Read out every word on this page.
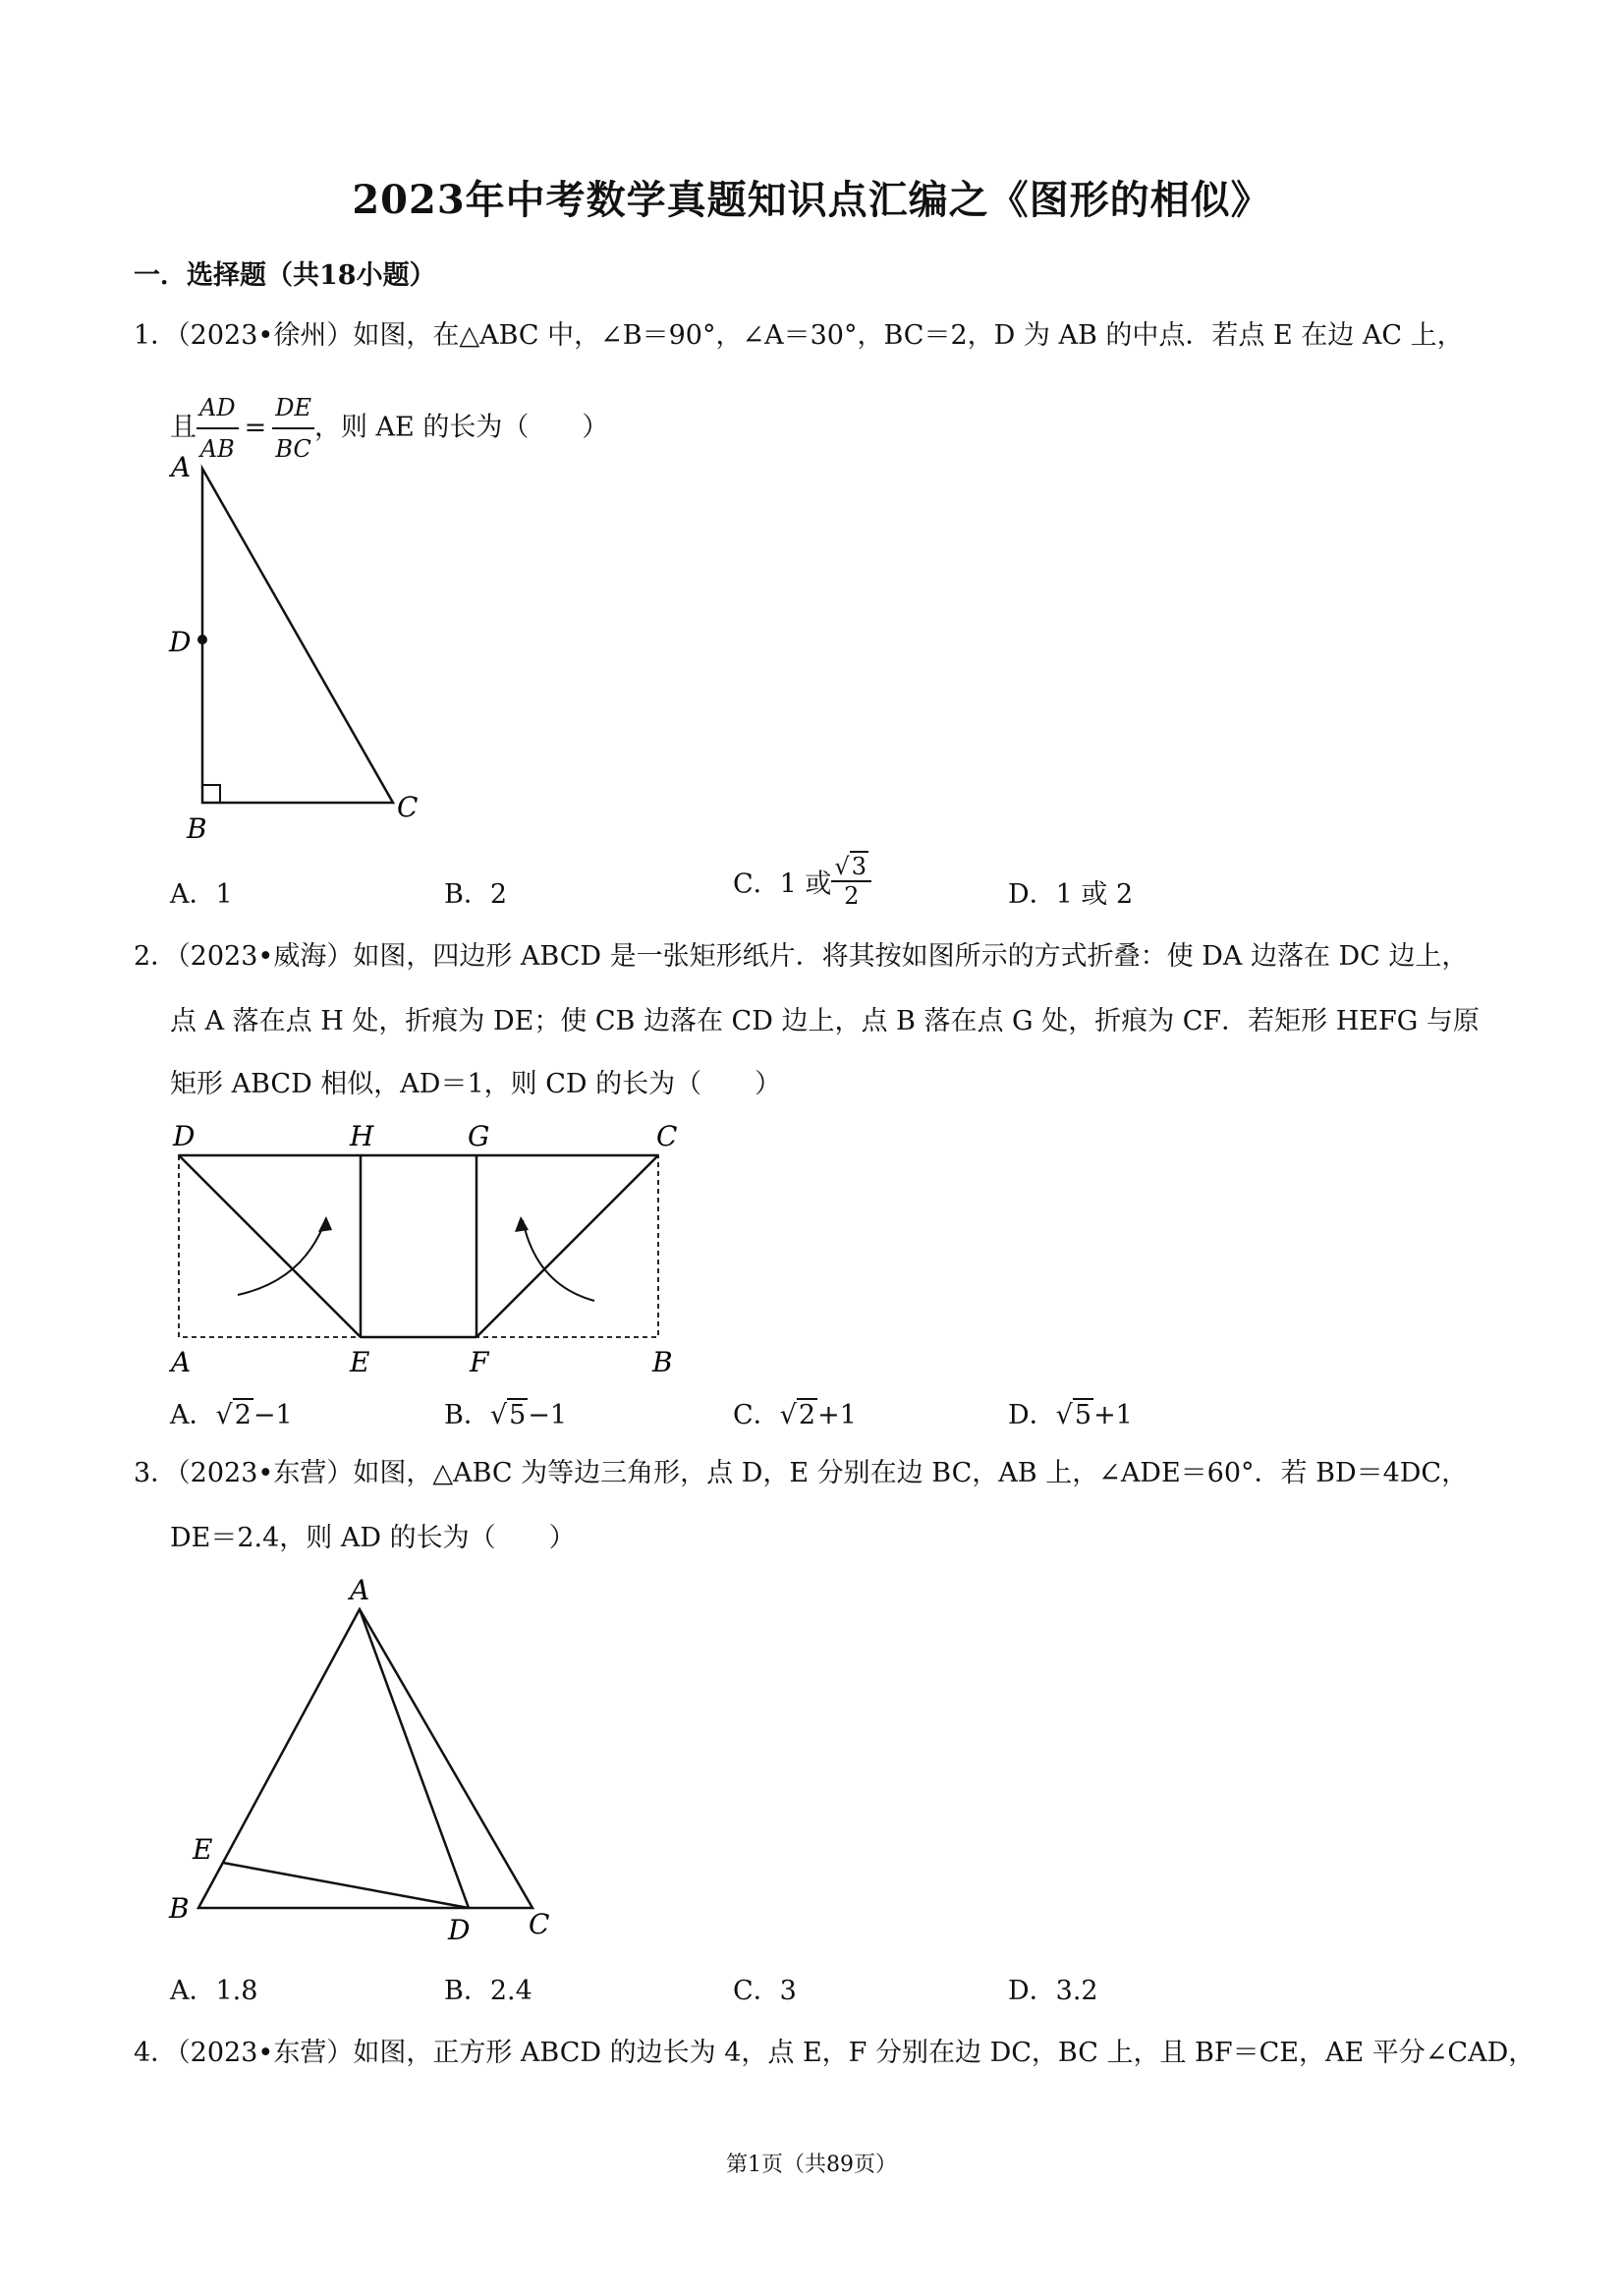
2023年中考数学真题知识点汇编之《图形的相似》
一．选择题（共18小题）
1．（2023•徐州）如图，在△ABC 中，∠B＝90°，∠A＝30°，BC＝2，D 为 AB 的中点．若点 E 在边 AC 上，
且 $\frac{AD}{AB} = \frac{DE}{BC}$ ，则 AE 的长为（　　）
A
D
B
C
A．1	B．2	C．1 或 $\frac{√3}{2}$	D．1 或 2
2．（2023•威海）如图，四边形 ABCD 是一张矩形纸片．将其按如图所示的方式折叠：使 DA 边落在 DC 边上，
点 A 落在点 H 处，折痕为 DE；使 CB 边落在 CD 边上，点 B 落在点 G 处，折痕为 CF．若矩形 HEFG 与原
矩形 ABCD 相似，AD＝1，则 CD 的长为（　　）
D	H	G	C
A	E	F	B
A．√2−1	B．√5−1	C．√2+1	D．√5+1
3．（2023•东营）如图，△ABC 为等边三角形，点 D，E 分别在边 BC，AB 上，∠ADE＝60°．若 BD＝4DC，
DE＝2.4，则 AD 的长为（　　）
A
E
B
D C
A．1.8	B．2.4	C．3	D．3.2
4．（2023•东营）如图，正方形 ABCD 的边长为 4，点 E，F 分别在边 DC，BC 上，且 BF＝CE，AE 平分∠CAD，
第1页（共89页）
